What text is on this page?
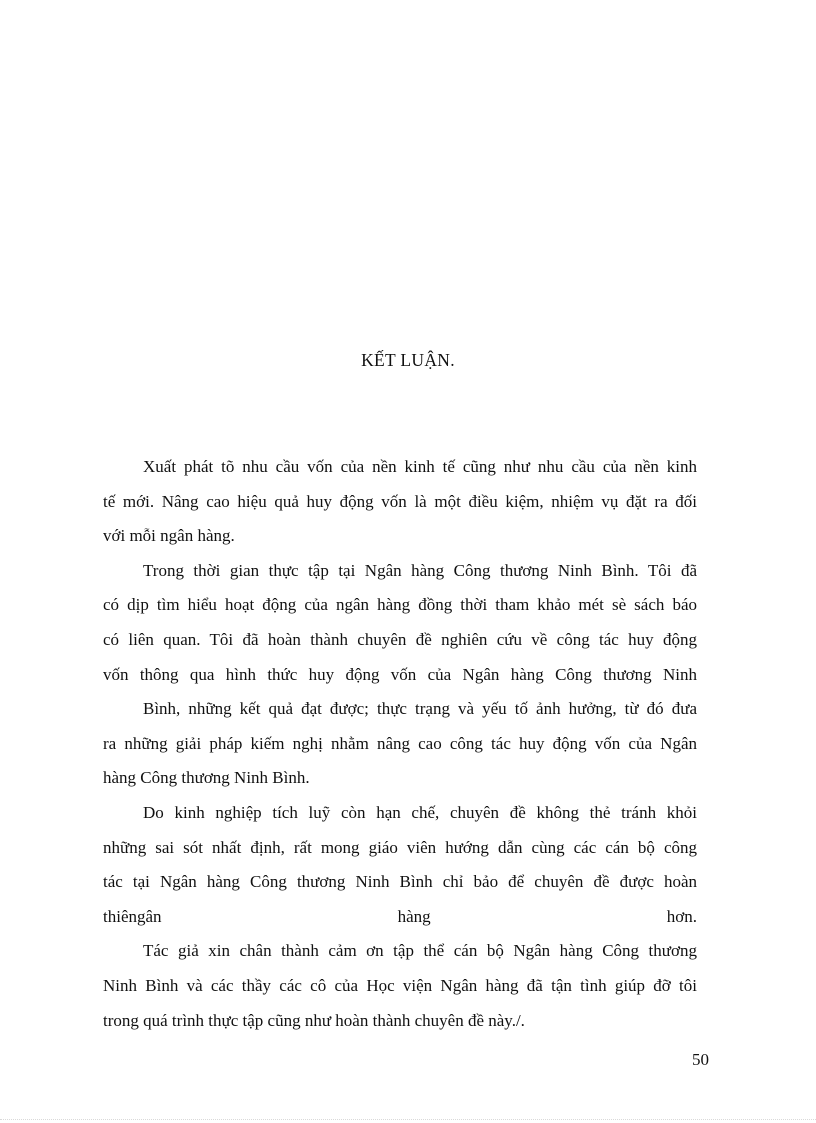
KẾT LUẬN.
Xuất phát tõ nhu cầu vốn của nền kinh tế cũng như nhu cầu của nền kinh
tế mới. Nâng cao hiệu quả huy động vốn là một điều kiệm, nhiệm vụ đặt ra đối
với mỗi ngân hàng.
Trong thời gian thực tập tại Ngân hàng Công thương Ninh Bình. Tôi đã
có dịp tìm hiểu hoạt động của ngân hàng đồng thời tham khảo mét sè sách báo
có liên quan. Tôi đã hoàn thành chuyên đề nghiên cứu về công tác huy động
vốn thông qua hình thức huy động vốn của Ngân hàng Công thương Ninh
Bình, những kết quả đạt được; thực trạng và yếu tố ảnh hưởng, từ đó đưa
ra những giải pháp kiếm nghị nhằm nâng cao công tác huy động vốn của Ngân
hàng Công thương Ninh Bình.
Do kinh nghiệp tích luỹ còn hạn chế, chuyên đề không thẻ tránh khỏi
những sai sót nhất định, rất mong giáo viên hướng dẫn cùng các cán bộ công
tác tại Ngân hàng Công thương Ninh Bình chỉ bảo để chuyên đề được hoàn
thiêngân	hàng	hơn.
Tác giả xin chân thành cảm ơn tập thể cán bộ Ngân hàng Công thương
Ninh Bình và các thầy các cô của Học viện Ngân hàng đã tận tình giúp đỡ tôi
trong quá trình thực tập cũng như hoàn thành chuyên đề này./.
50
